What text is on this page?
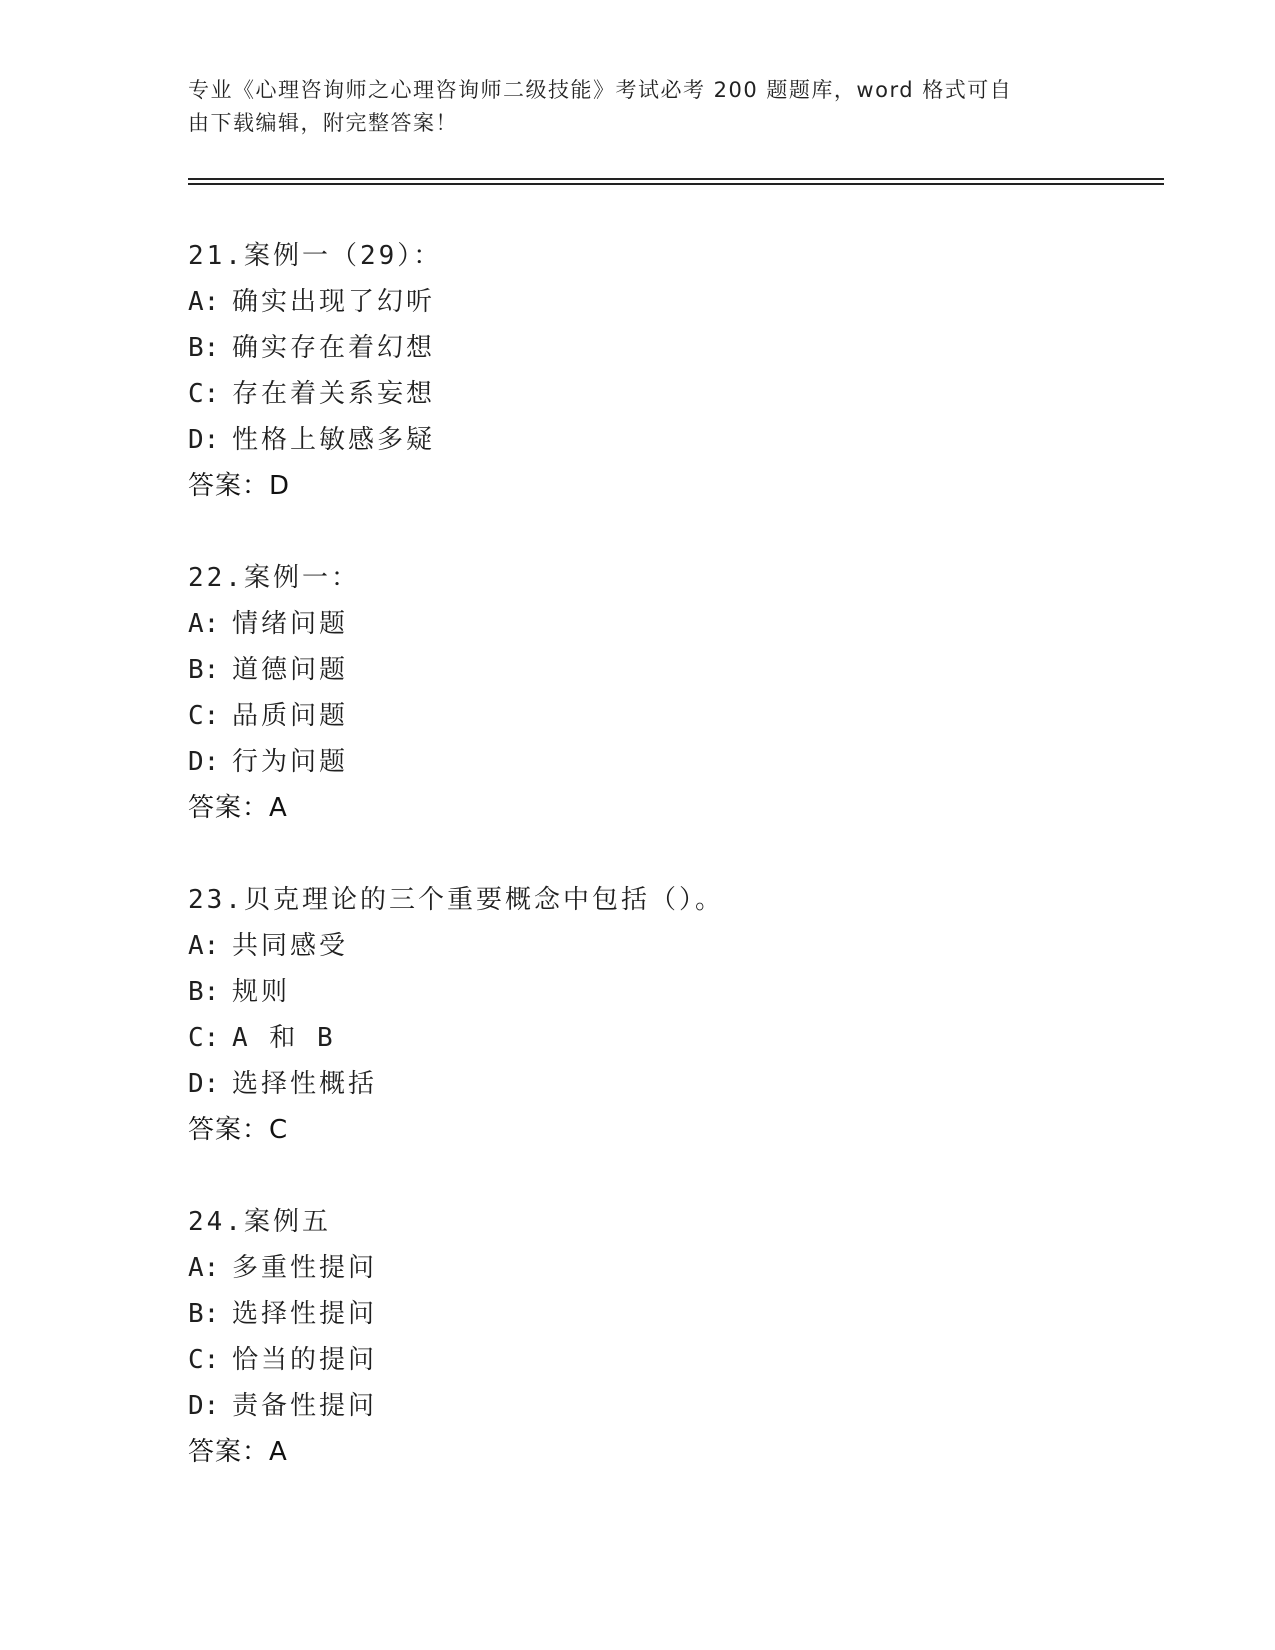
专业《心理咨询师之心理咨询师二级技能》考试必考 200 题题库，word 格式可自
由下载编辑，附完整答案！
21.案例一（29）：
A: 确实出现了幻听
B: 确实存在着幻想
C: 存在着关系妄想
D: 性格上敏感多疑
答案：D
22.案例一：
A: 情绪问题
B: 道德问题
C: 品质问题
D: 行为问题
答案：A
23.贝克理论的三个重要概念中包括（）。
A: 共同感受
B: 规则
C: A 和 B
D: 选择性概括
答案：C
24.案例五
A: 多重性提问
B: 选择性提问
C: 恰当的提问
D: 责备性提问
答案：A
